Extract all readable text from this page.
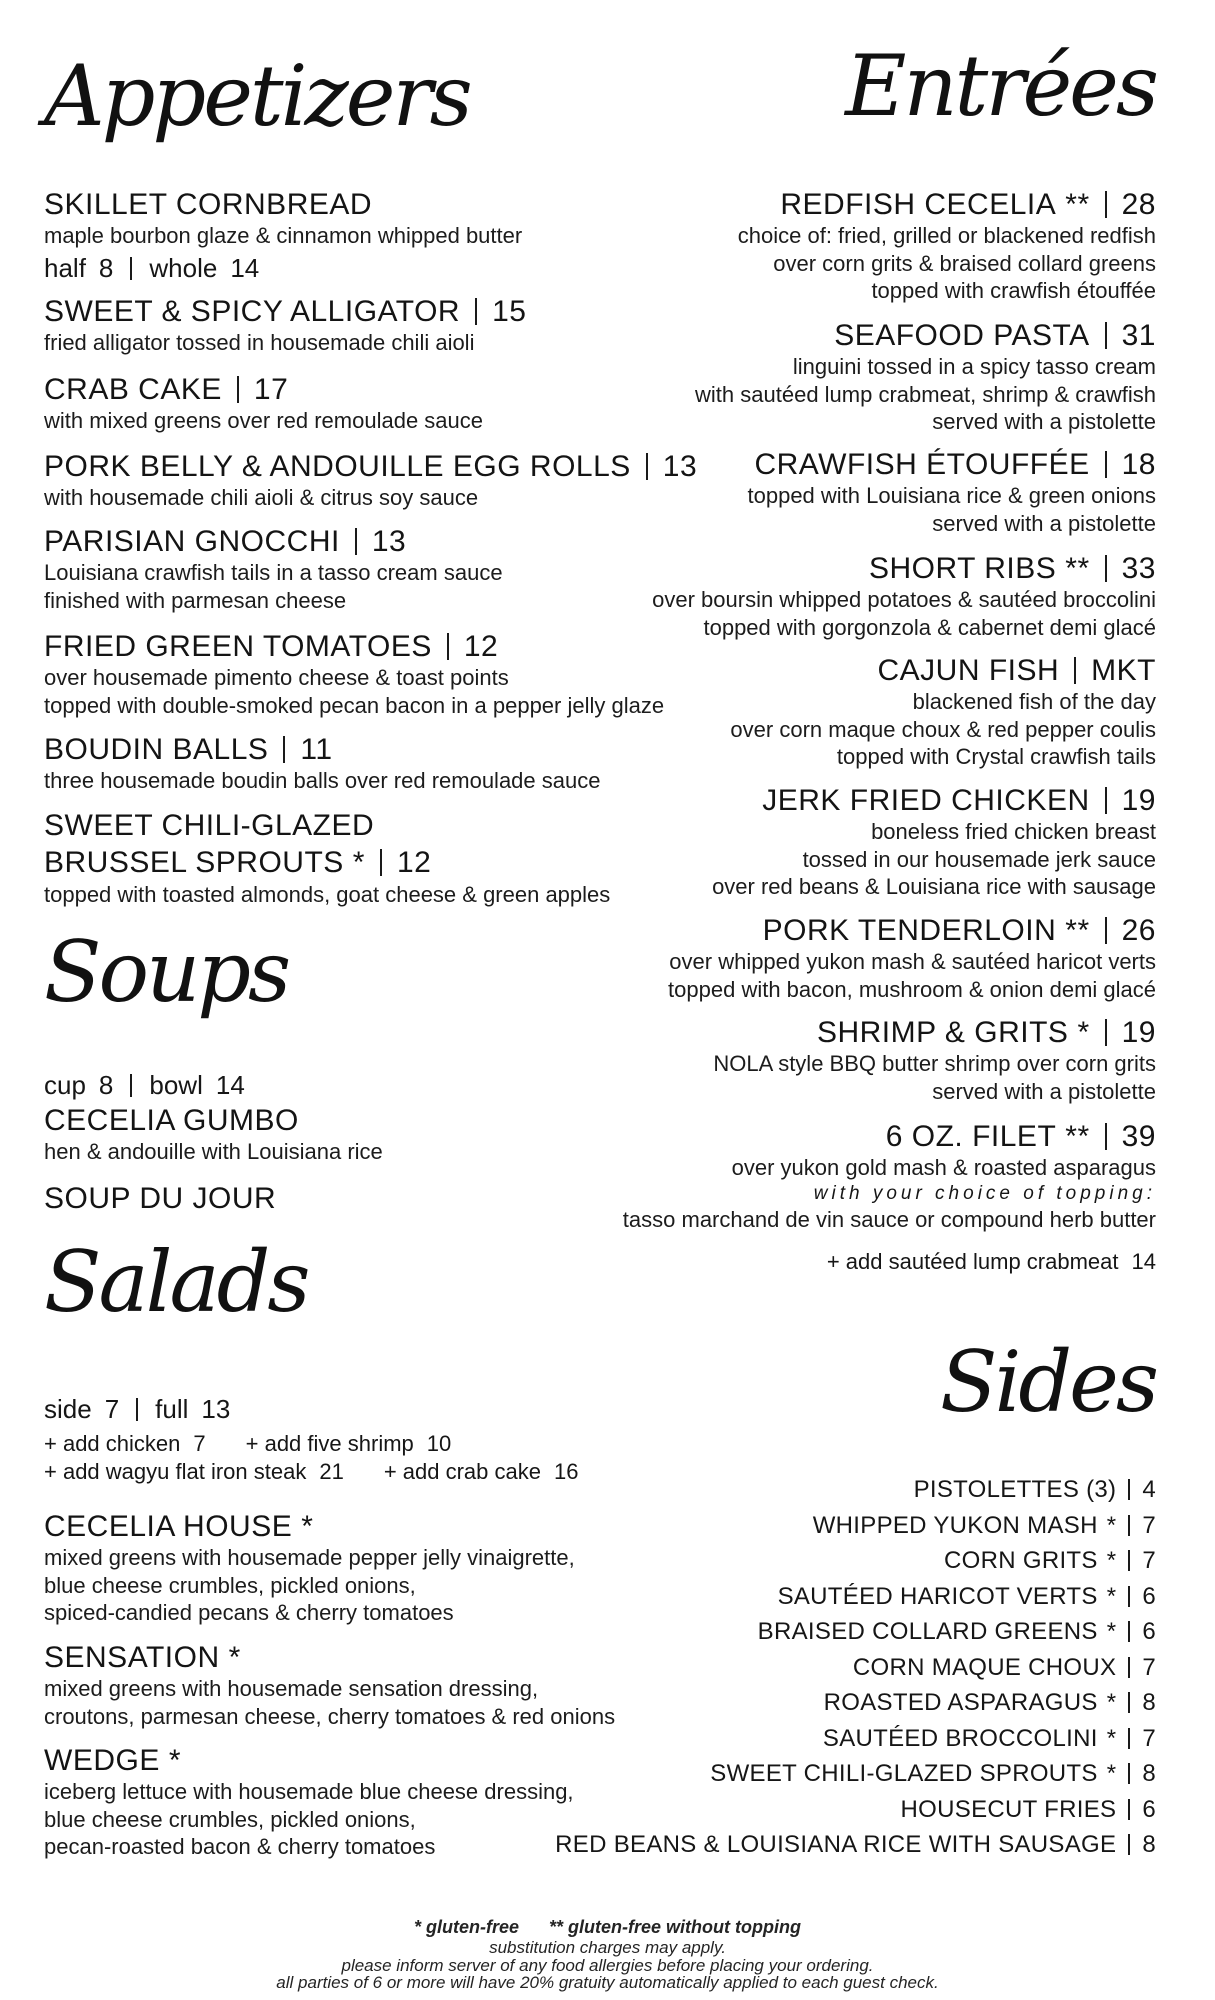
Appetizers
SKILLET CORNBREAD
maple bourbon glaze & cinnamon whipped butter
half 8 whole 14
SWEET & SPICY ALLIGATOR 15
fried alligator tossed in housemade chili aioli
CRAB CAKE 17
with mixed greens over red remoulade sauce
PORK BELLY & ANDOUILLE EGG ROLLS 13
with housemade chili aioli & citrus soy sauce
PARISIAN GNOCCHI 13
Louisiana crawfish tails in a tasso cream sauce
finished with parmesan cheese
FRIED GREEN TOMATOES 12
over housemade pimento cheese & toast points
topped with double-smoked pecan bacon in a pepper jelly glaze
BOUDIN BALLS 11
three housemade boudin balls over red remoulade sauce
SWEET CHILI-GLAZED
BRUSSEL SPROUTS * 12
topped with toasted almonds, goat cheese & green apples
Soups
cup 8 bowl 14
CECELIA GUMBO
hen & andouille with Louisiana rice
SOUP DU JOUR
Salads
side 7 full 13
+ add chicken 7 + add five shrimp 10
+ add wagyu flat iron steak 21 + add crab cake 16
CECELIA HOUSE *
mixed greens with housemade pepper jelly vinaigrette,
blue cheese crumbles, pickled onions,
spiced-candied pecans & cherry tomatoes
SENSATION *
mixed greens with housemade sensation dressing,
croutons, parmesan cheese, cherry tomatoes & red onions
WEDGE *
iceberg lettuce with housemade blue cheese dressing,
blue cheese crumbles, pickled onions,
pecan-roasted bacon & cherry tomatoes
Entrées
REDFISH CECELIA ** 28
choice of: fried, grilled or blackened redfish
over corn grits & braised collard greens
topped with crawfish étouffée
SEAFOOD PASTA 31
linguini tossed in a spicy tasso cream
with sautéed lump crabmeat, shrimp & crawfish
served with a pistolette
CRAWFISH ÉTOUFFÉE 18
topped with Louisiana rice & green onions
served with a pistolette
SHORT RIBS ** 33
over boursin whipped potatoes & sautéed broccolini
topped with gorgonzola & cabernet demi glacé
CAJUN FISH MKT
blackened fish of the day
over corn maque choux & red pepper coulis
topped with Crystal crawfish tails
JERK FRIED CHICKEN 19
boneless fried chicken breast
tossed in our housemade jerk sauce
over red beans & Louisiana rice with sausage
PORK TENDERLOIN ** 26
over whipped yukon mash & sautéed haricot verts
topped with bacon, mushroom & onion demi glacé
SHRIMP & GRITS * 19
NOLA style BBQ butter shrimp over corn grits
served with a pistolette
6 OZ. FILET ** 39
over yukon gold mash & roasted asparagus
with your choice of topping:
tasso marchand de vin sauce or compound herb butter
+ add sautéed lump crabmeat 14
Sides
PISTOLETTES (3) 4
WHIPPED YUKON MASH * 7
CORN GRITS * 7
SAUTÉED HARICOT VERTS * 6
BRAISED COLLARD GREENS * 6
CORN MAQUE CHOUX 7
ROASTED ASPARAGUS * 8
SAUTÉED BROCCOLINI * 7
SWEET CHILI-GLAZED SPROUTS * 8
HOUSECUT FRIES 6
RED BEANS & LOUISIANA RICE WITH SAUSAGE 8
* gluten-free ** gluten-free without topping
substitution charges may apply.
please inform server of any food allergies before placing your ordering.
all parties of 6 or more will have 20% gratuity automatically applied to each guest check.
